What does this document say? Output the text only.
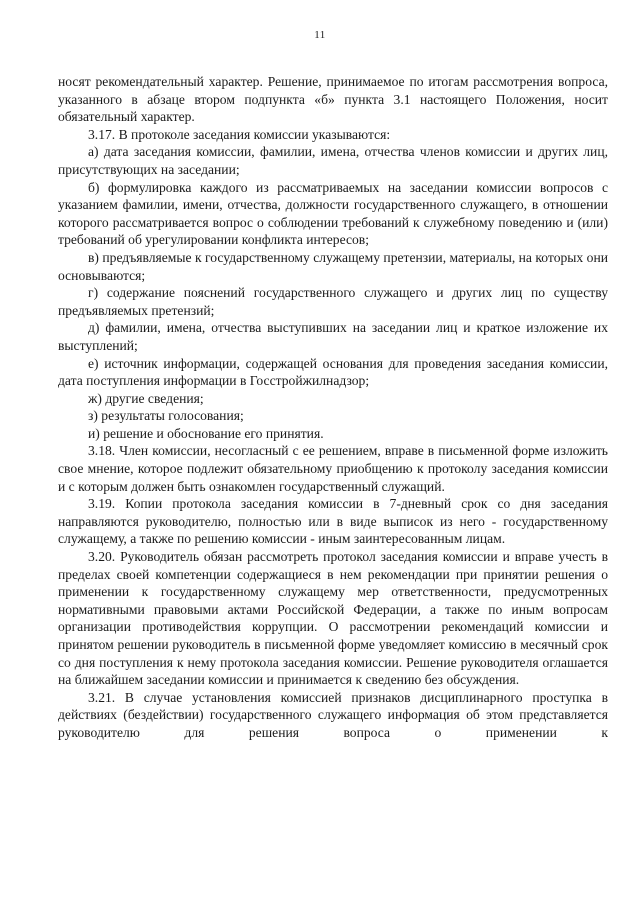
11

носят рекомендательный характер. Решение, принимаемое по итогам рассмотрения вопроса, указанного в абзаце втором подпункта «б» пункта 3.1 настоящего Положения, носит обязательный характер.

3.17. В протоколе заседания комиссии указываются:

а) дата заседания комиссии, фамилии, имена, отчества членов комиссии и других лиц, присутствующих на заседании;

б) формулировка каждого из рассматриваемых на заседании комиссии вопросов с указанием фамилии, имени, отчества, должности государственного служащего, в отношении которого рассматривается вопрос о соблюдении требований к служебному поведению и (или) требований об урегулировании конфликта интересов;

в) предъявляемые к государственному служащему претензии, материалы, на которых они основываются;

г) содержание пояснений государственного служащего и других лиц по существу предъявляемых претензий;

д) фамилии, имена, отчества выступивших на заседании лиц и краткое изложение их выступлений;

е) источник информации, содержащей основания для проведения заседания комиссии, дата поступления информации в Госстройжилнадзор;

ж) другие сведения;

з) результаты голосования;

и) решение и обоснование его принятия.

3.18. Член комиссии, несогласный с ее решением, вправе в письменной форме изложить свое мнение, которое подлежит обязательному приобщению к протоколу заседания комиссии и с которым должен быть ознакомлен государственный служащий.

3.19. Копии протокола заседания комиссии в 7-дневный срок со дня заседания направляются руководителю, полностью или в виде выписок из него - государственному служащему, а также по решению комиссии - иным заинтересованным лицам.

3.20. Руководитель обязан рассмотреть протокол заседания комиссии и вправе учесть в пределах своей компетенции содержащиеся в нем рекомендации при принятии решения о применении к государственному служащему мер ответственности, предусмотренных нормативными правовыми актами Российской Федерации, а также по иным вопросам организации противодействия коррупции. О рассмотрении рекомендаций комиссии и принятом решении руководитель в письменной форме уведомляет комиссию в месячный срок со дня поступления к нему протокола заседания комиссии. Решение руководителя оглашается на ближайшем заседании комиссии и принимается к сведению без обсуждения.

3.21. В случае установления комиссией признаков дисциплинарного проступка в действиях (бездействии) государственного служащего информация об этом представляется руководителю для решения вопроса о применении к
